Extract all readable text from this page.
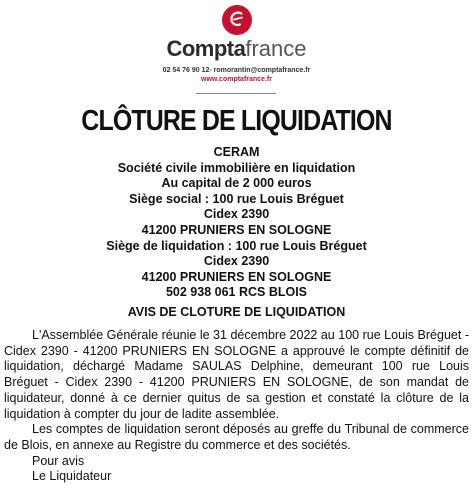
Comptafrance
02 54 76 90 12- romorantin@comptafrance.fr
www.comptafrance.fr
CLÔTURE DE LIQUIDATION
CERAM
Société civile immobilière en liquidation
Au capital de 2 000 euros
Siège social : 100 rue Louis Bréguet
Cidex 2390
41200 PRUNIERS EN SOLOGNE
Siège de liquidation : 100 rue Louis Bréguet
Cidex 2390
41200 PRUNIERS EN SOLOGNE
502 938 061 RCS BLOIS
AVIS DE CLOTURE DE LIQUIDATION

L'Assemblée Générale réunie le 31 décembre 2022 au 100 rue Louis Bréguet - Cidex 2390 - 41200 PRUNIERS EN SOLOGNE a approuvé le compte définitif de liquidation, déchargé Madame SAULAS Delphine, demeurant 100 rue Louis Bréguet - Cidex 2390 - 41200 PRUNIERS EN SOLOGNE, de son mandat de liquidateur, donné à ce dernier quitus de sa gestion et constaté la clôture de la liquidation à compter du jour de ladite assemblée.

Les comptes de liquidation seront déposés au greffe du Tribunal de commerce de Blois, en annexe au Registre du commerce et des sociétés.

Pour avis

Le Liquidateur
